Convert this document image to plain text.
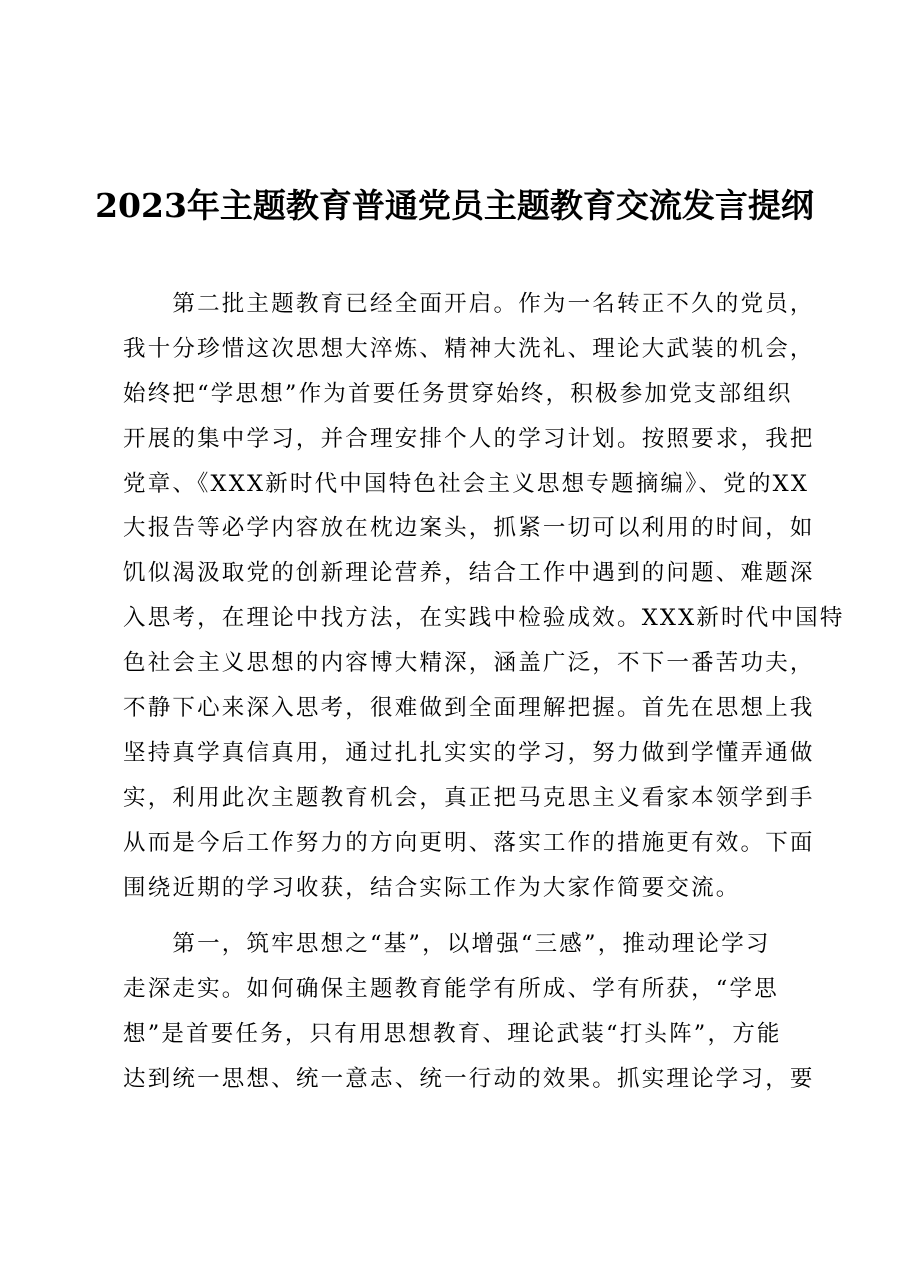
2023年主题教育普通党员主题教育交流发言提纲
　　第二批主题教育已经全面开启。作为一名转正不久的党员，
我十分珍惜这次思想大淬炼、精神大洗礼、理论大武装的机会，
始终把“学思想”作为首要任务贯穿始终，积极参加党支部组织
开展的集中学习，并合理安排个人的学习计划。按照要求，我把
党章、《XXX新时代中国特色社会主义思想专题摘编》、党的XX
大报告等必学内容放在枕边案头，抓紧一切可以利用的时间，如
饥似渴汲取党的创新理论营养，结合工作中遇到的问题、难题深
入思考，在理论中找方法，在实践中检验成效。XXX新时代中国特
色社会主义思想的内容博大精深，涵盖广泛，不下一番苦功夫，
不静下心来深入思考，很难做到全面理解把握。首先在思想上我
坚持真学真信真用，通过扎扎实实的学习，努力做到学懂弄通做
实，利用此次主题教育机会，真正把马克思主义看家本领学到手
从而是今后工作努力的方向更明、落实工作的措施更有效。下面
围绕近期的学习收获，结合实际工作为大家作简要交流。
　　第一，筑牢思想之“基”，以增强“三感”，推动理论学习
走深走实。如何确保主题教育能学有所成、学有所获，“学思
想”是首要任务，只有用思想教育、理论武装“打头阵”，方能
达到统一思想、统一意志、统一行动的效果。抓实理论学习，要
